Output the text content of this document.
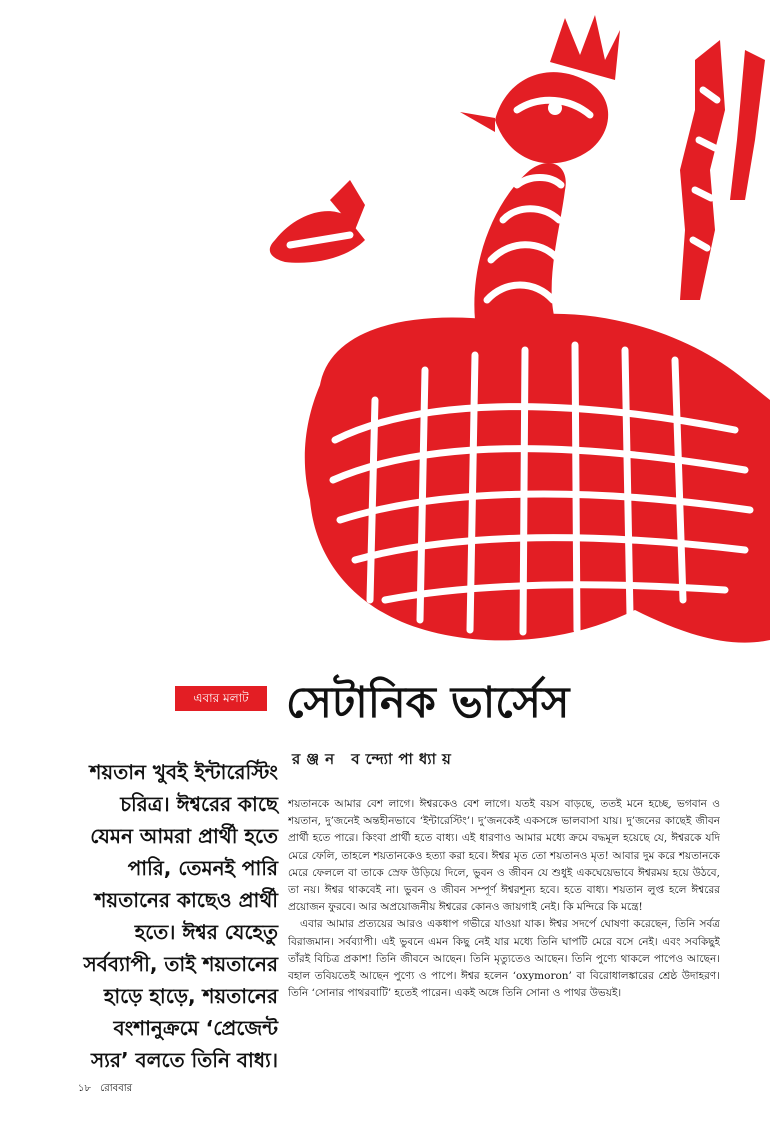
এবার মলাট সেটানিক ভার্সেস
রঞ্জন বন্দ্যোপাধ্যায়
শয়তান খুবই ইন্টারেস্টিং চরিত্র। ঈশ্বরের কাছে যেমন আমরা প্রার্থী হতে পারি, তেমনই পারি শয়তানের কাছেও প্রার্থী হতে। ঈশ্বর যেহেতু সর্বব্যাপী, তাই শয়তানের হাড়ে হাড়ে, শয়তানের বংশানুক্রমে ‘প্রেজেন্ট স্যর’ বলতে তিনি বাধ্য।

শয়তানকে আমার বেশ লাগে। ঈশ্বরকেও বেশ লাগে। যতই বয়স বাড়ছে, ততই মনে হচ্ছে, ভগবান ও শয়তান, দু’জনেই অন্তহীনভাবে ‘ইন্টারেস্টিং’। দু’জনকেই একসঙ্গে ভালবাসা যায়। দু’জনের কাছেই জীবন প্রার্থী হতে পারে। কিংবা প্রার্থী হতে বাধ্য। এই ধারণাও আমার মধ্যে ক্রমে বদ্ধমূল হয়েছে যে, ঈশ্বরকে যদি মেরে ফেলি, তাহলে শয়তানকেও হত্যা করা হবে। ঈশ্বর মৃত তো শয়তানও মৃত! আবার দুম করে শয়তানকে মেরে ফেললে বা তাকে স্রেফ উড়িয়ে দিলে, ভুবন ও জীবন যে শুধুই একঘেয়েভাবে ঈশ্বরময় হয়ে উঠবে, তা নয়। ঈশ্বর থাকবেই না। ভুবন ও জীবন সম্পূর্ণ ঈশ্বরশূন্য হবে। হতে বাধ্য। শয়তান লুপ্ত হলে ঈশ্বরের প্রয়োজন ফুরবে। আর অপ্রয়োজনীয় ঈশ্বরের কোনও জায়গাই নেই। কি মন্দিরে কি মন্ত্রে!

এবার আমার প্রত্যয়ের আরও একধাপ গভীরে যাওয়া যাক। ঈশ্বর সদর্পে ঘোষণা করেছেন, তিনি সর্বত্র বিরাজমান। সর্বব্যাপী। এই ভুবনে এমন কিছু নেই যার মধ্যে তিনি ঘাপটি মেরে বসে নেই। এবং সবকিছুই তাঁরই বিচিত্র প্রকাশ! তিনি জীবনে আছেন। তিনি মৃত্যুতেও আছেন। তিনি পুণ্যে থাকলে পাপেও আছেন। বহাল তবিয়তেই আছেন পুণ্যে ও পাপে। ঈশ্বর হলেন ‘oxymoron’ বা বিরোধালঙ্কারের শ্রেষ্ঠ উদাহরণ। তিনি ‘সোনার পাথরবাটি’ হতেই পারেন। একই অঙ্গে তিনি সোনা ও পাথর উভয়ই।

১৮ রোববার
